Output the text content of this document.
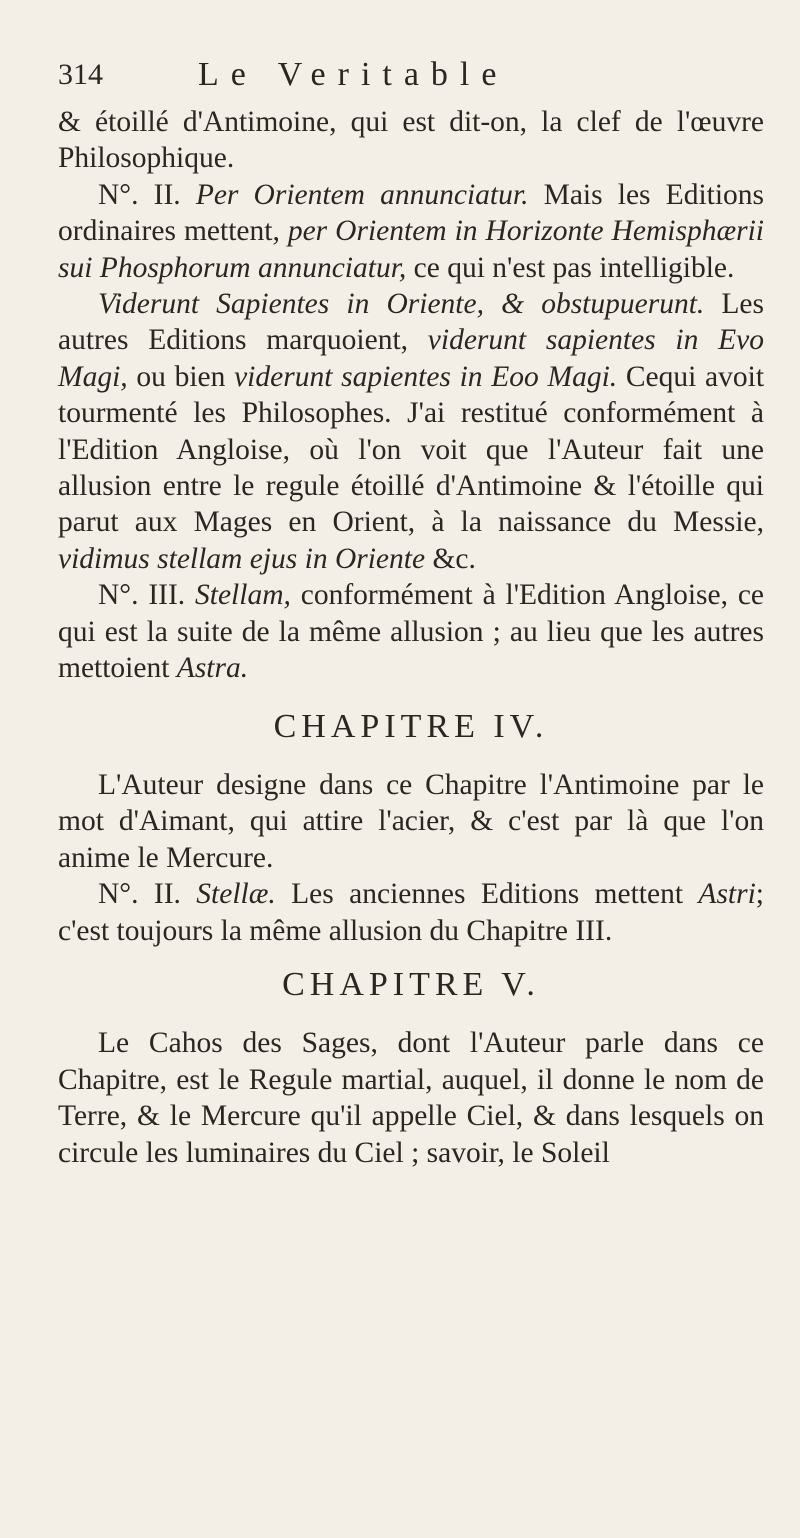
314	Le Veritable

& étoillé d'Antimoine, qui est dit-on, la clef de l'œuvre Philosophique.

N°. II. Per Orientem annunciatur. Mais les Editions ordinaires mettent, per Orientem in Horizonte Hemisphærii sui Phosphorum annunciatur, ce qui n'est pas intelligible.

Viderunt Sapientes in Oriente, & obstupuerunt. Les autres Editions marquoient, viderunt sapientes in Evo Magi, ou bien viderunt sapientes in Eoo Magi. Cequi avoit tourmenté les Philosophes. J'ai restitué conformément à l'Edition Angloise, où l'on voit que l'Auteur fait une allusion entre le regule étoillé d'Antimoine & l'étoille qui parut aux Mages en Orient, à la naissance du Messie, vidimus stellam ejus in Oriente &c.

N°. III. Stellam, conformément à l'Edition Angloise, ce qui est la suite de la même allusion ; au lieu que les autres mettoient Astra.

CHAPITRE IV.

L'Auteur designe dans ce Chapitre l'Antimoine par le mot d'Aimant, qui attire l'acier, & c'est par là que l'on anime le Mercure.

N°. II. Stellæ. Les anciennes Editions mettent Astri; c'est toujours la même allusion du Chapitre III.

CHAPITRE V.

Le Cahos des Sages, dont l'Auteur parle dans ce Chapitre, est le Regule martial, auquel, il donne le nom de Terre, & le Mercure qu'il appelle Ciel, & dans lesquels on circule les luminaires du Ciel ; savoir, le Soleil
